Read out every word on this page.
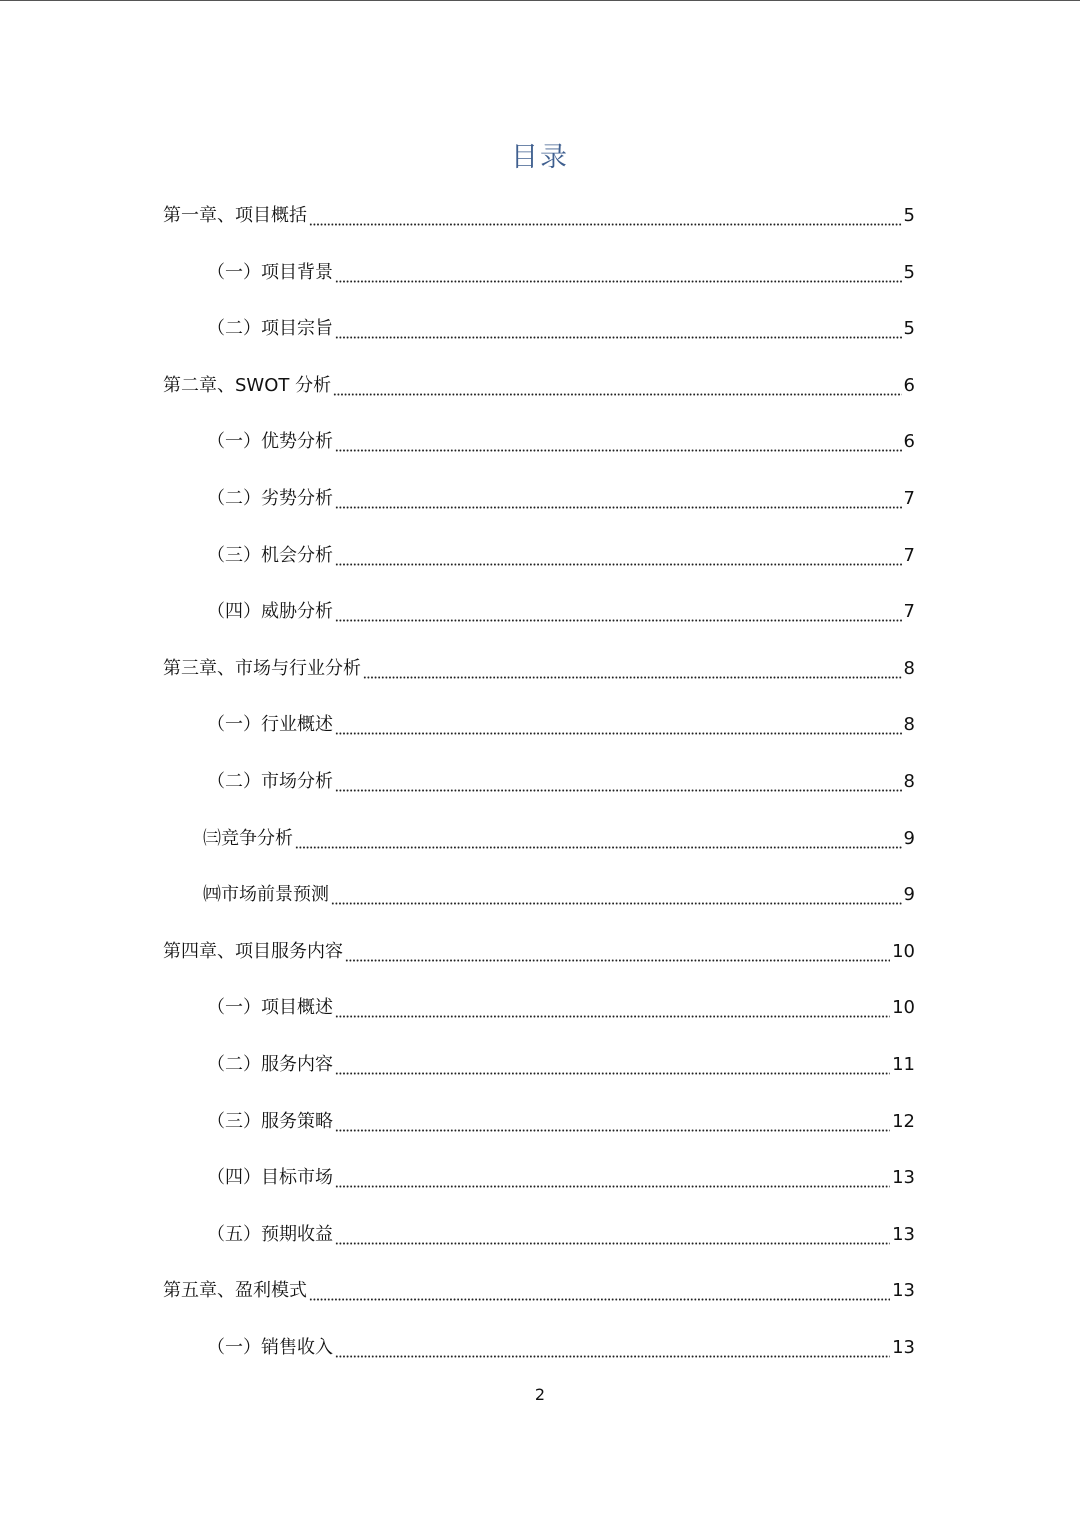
目录
第一章、项目概括	5
（一）项目背景	5
（二）项目宗旨	5
第二章、SWOT 分析	6
（一）优势分析	6
（二）劣势分析	7
（三）机会分析	7
（四）威胁分析	7
第三章、市场与行业分析	8
（一）行业概述	8
（二）市场分析	8
㈢竞争分析	9
㈣市场前景预测	9
第四章、项目服务内容	10
（一）项目概述	10
（二）服务内容	11
（三）服务策略	12
（四）目标市场	13
（五）预期收益	13
第五章、盈利模式	13
（一）销售收入	13
2
